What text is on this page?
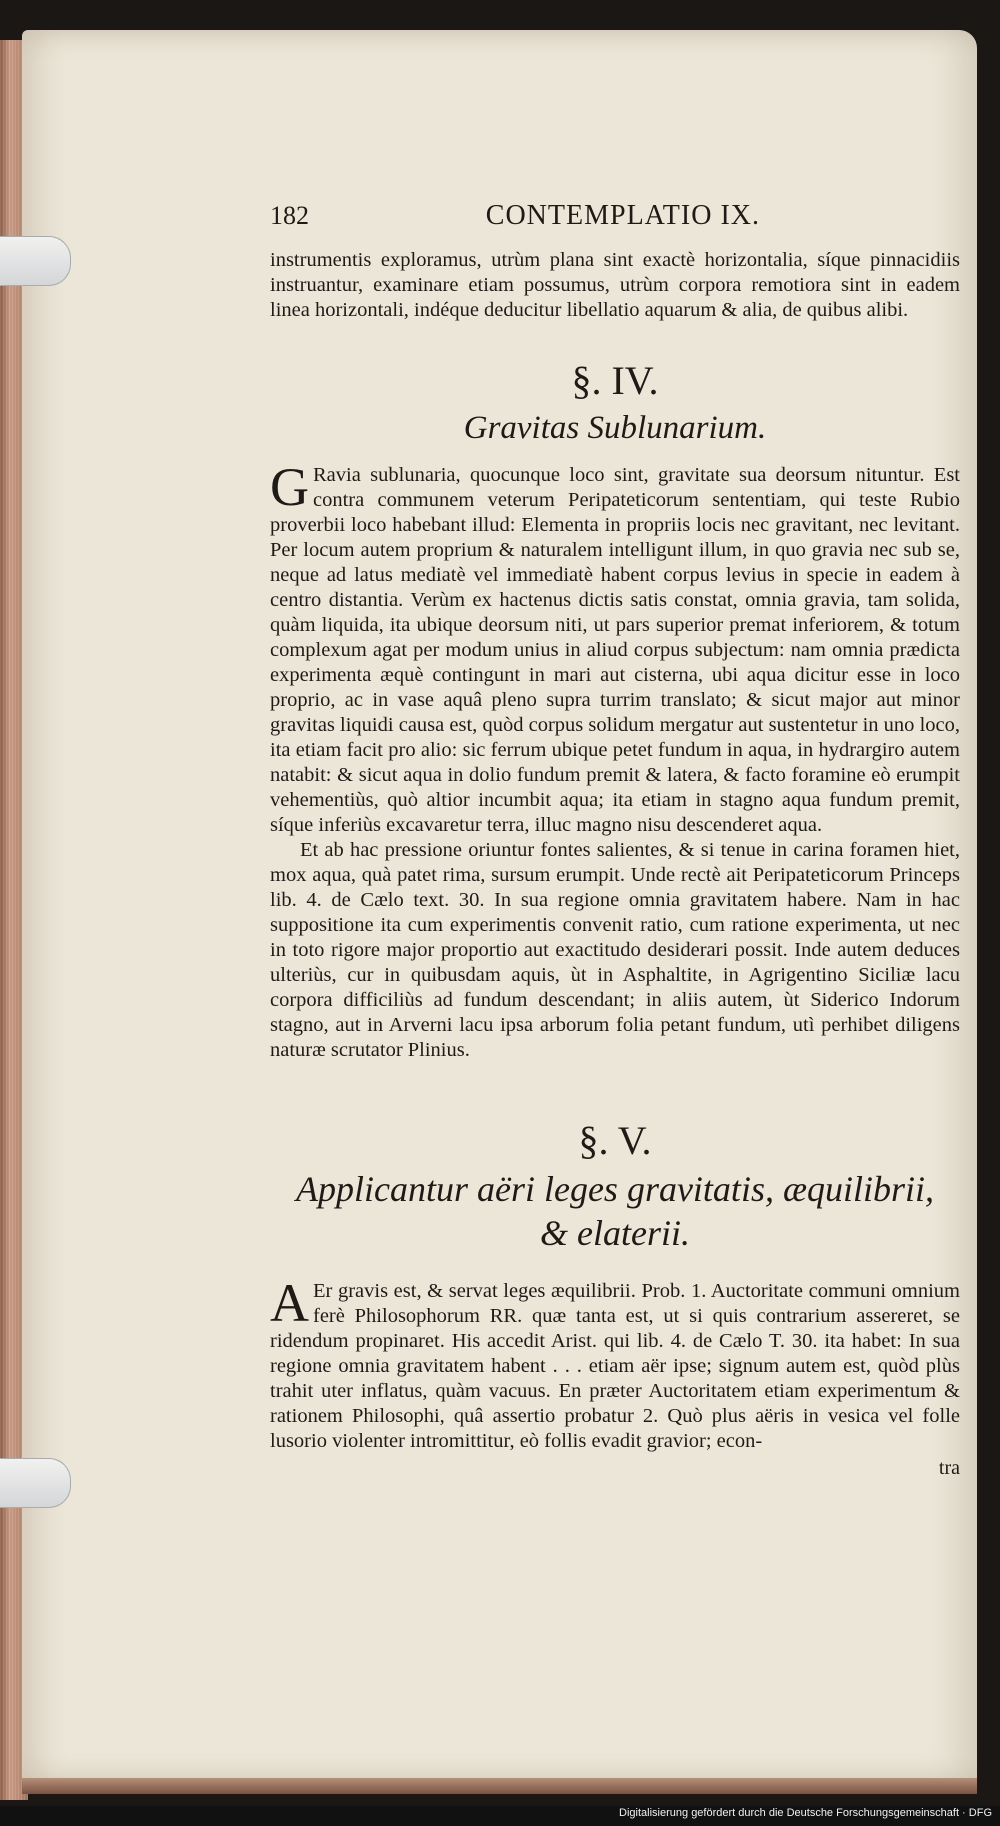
182	CONTEMPLATIO IX.

instrumentis exploramus, utrùm plana sint exactè horizontalia, síque pinnacidiis instruantur, examinare etiam possumus, utrùm corpora remotiora sint in eadem linea horizontali, indéque deducitur libellatio aquarum & alia, de quibus alibi.

§. IV.
Gravitas Sublunarium.
G Ravia sublunaria, quocunque loco sint, gravitate sua deorsum nituntur. Est contra communem veterum Peripateticorum sententiam, qui teste Rubio proverbii loco habebant illud: Elementa in propriis locis nec gravitant, nec levitant. Per locum autem proprium & naturalem intelligunt illum, in quo gravia nec sub se, neque ad latus mediatè vel immediatè habent corpus levius in specie in eadem à centro distantia. Verùm ex hactenus dictis satis constat, omnia gravia, tam solida, quàm liquida, ita ubique deorsum niti, ut pars superior premat inferiorem, & totum complexum agat per modum unius in aliud corpus subjectum: nam omnia prædicta experimenta æquè contingunt in mari aut cisterna, ubi aqua dicitur esse in loco proprio, ac in vase aquâ pleno supra turrim translato; & sicut major aut minor gravitas liquidi causa est, quòd corpus solidum mergatur aut sustentetur in uno loco, ita etiam facit pro alio: sic ferrum ubique petet fundum in aqua, in hydrargiro autem natabit: & sicut aqua in dolio fundum premit & latera, & facto foramine eò erumpit vehementiùs, quò altior incumbit aqua; ita etiam in stagno aqua fundum premit, síque inferiùs excavaretur terra, illuc magno nisu descenderet aqua.

Et ab hac pressione oriuntur fontes salientes, & si tenue in carina foramen hiet, mox aqua, quà patet rima, sursum erumpit. Unde rectè ait Peripateticorum Princeps lib. 4. de Cælo text. 30. In sua regione omnia gravitatem habere. Nam in hac suppositione ita cum experimentis convenit ratio, cum ratione experimenta, ut nec in toto rigore major proportio aut exactitudo desiderari possit. Inde autem deduces ulteriùs, cur in quibusdam aquis, ùt in Asphaltite, in Agrigentino Siciliæ lacu corpora difficiliùs ad fundum descendant; in aliis autem, ùt Siderico Indorum stagno, aut in Arverni lacu ipsa arborum folia petant fundum, utì perhibet diligens naturæ scrutator Plinius.

§. V.
Applicantur aëri leges gravitatis, æquilibrii,
& elaterii.
A Er gravis est, & servat leges æquilibrii. Prob. 1. Auctoritate communi omnium ferè Philosophorum RR. quæ tanta est, ut si quis contrarium assereret, se ridendum propinaret. His accedit Arist. qui lib. 4. de Cælo T. 30. ita habet: In sua regione omnia gravitatem habent . . . etiam aër ipse; signum autem est, quòd plùs trahit uter inflatus, quàm vacuus. En præter Auctoritatem etiam experimentum & rationem Philosophi, quâ assertio probatur 2. Quò plus aëris in vesica vel folle lusorio violenter intromittitur, eò follis evadit gravior; econ-

tra
Digitalisierung gefördert durch die Deutsche Forschungsgemeinschaft · DFG
